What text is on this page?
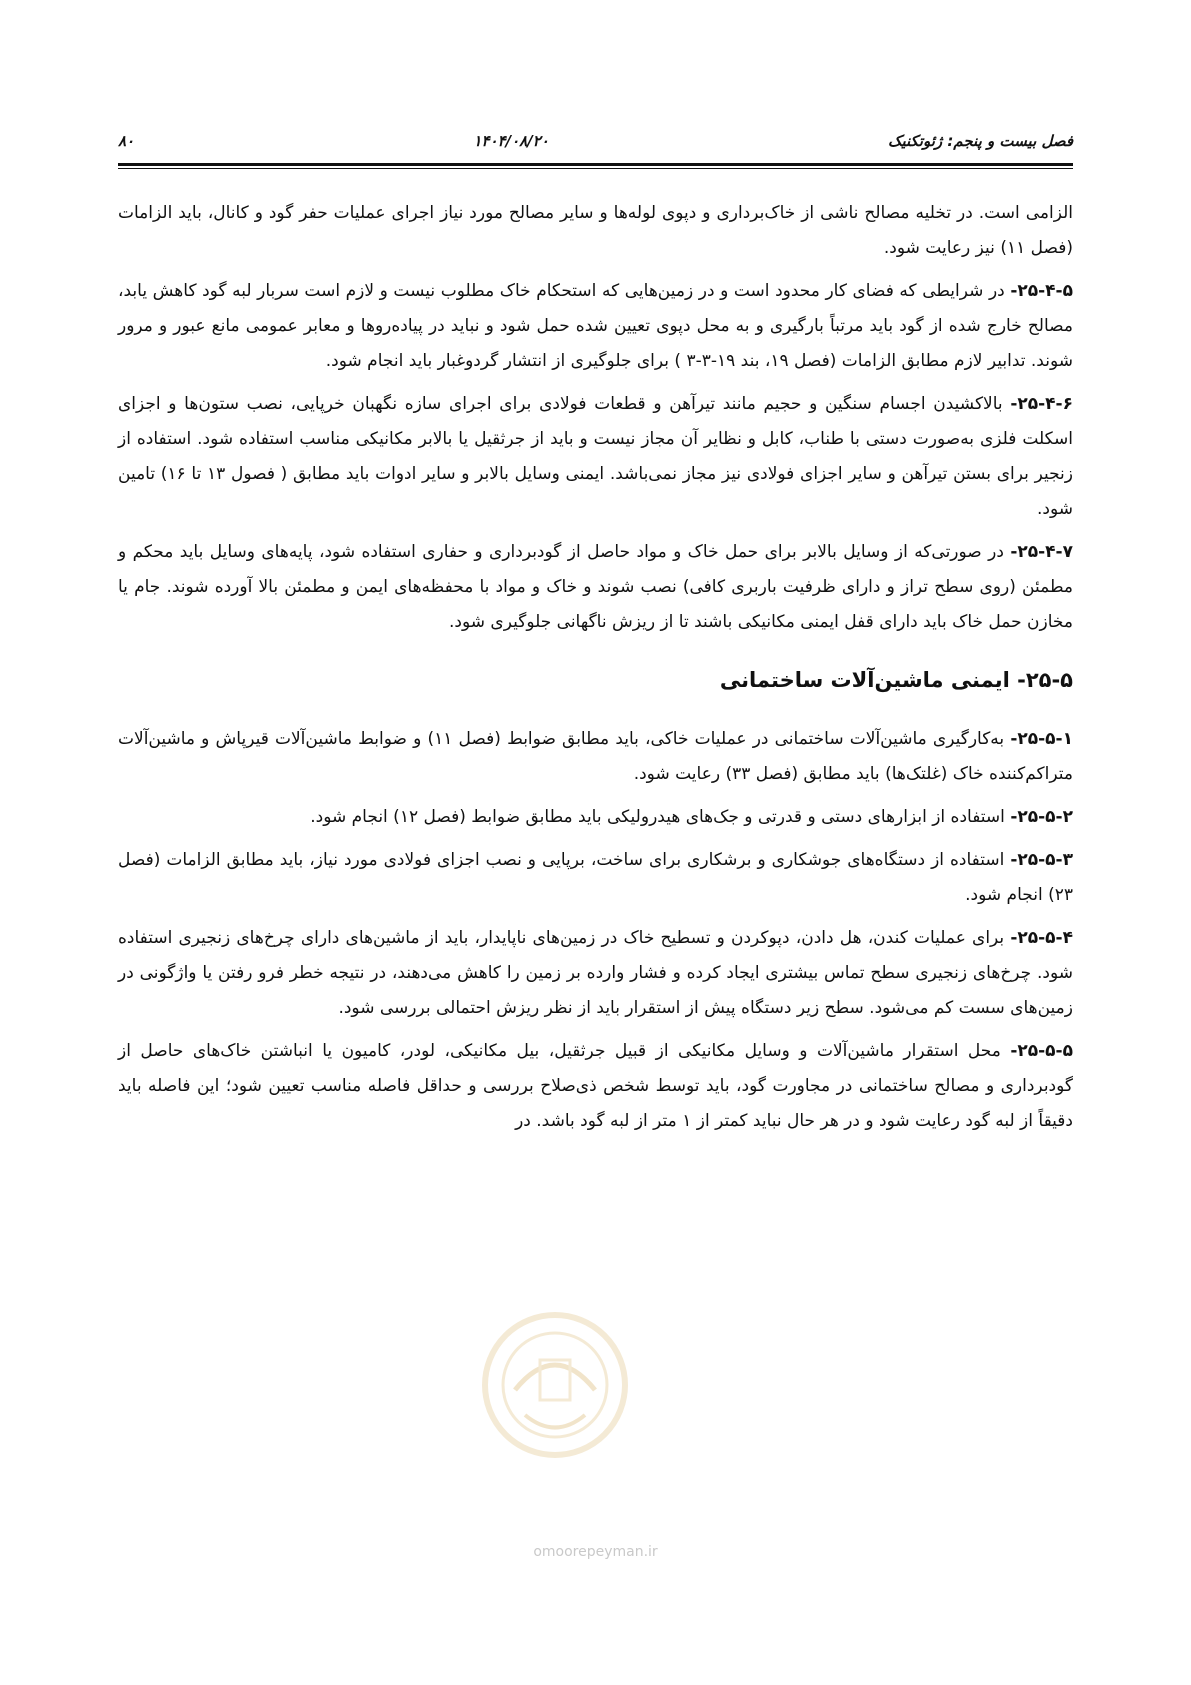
۸۰	۱۴۰۴/۰۸/۲۰	فصل بیست و پنجم: ژئوتکنیک

الزامی است. در تخلیه مصالح ناشی از خاک‌برداری و دپوی لوله‌ها و سایر مصالح مورد نیاز اجرای عملیات حفر گود و کانال، باید الزامات (فصل ۱۱) نیز رعایت شود.

۲۵-۴-۵- در شرایطی که فضای کار محدود است و در زمین‌هایی که استحکام خاک مطلوب نیست و لازم است سربار لبه گود کاهش یابد، مصالح خارج شده از گود باید مرتباً بارگیری و به محل دپوی تعیین شده حمل شود و نباید در پیاده‌روها و معابر عمومی مانع عبور و مرور شوند. تدابیر لازم مطابق الزامات (فصل ۱۹، بند ۱۹-۳-۳ ) برای جلوگیری از انتشار گردوغبار باید انجام شود.

۲۵-۴-۶- بالاکشیدن اجسام سنگین و حجیم مانند تیرآهن و قطعات فولادی برای اجرای سازه نگهبان خرپایی، نصب ستون‌ها و اجزای اسکلت فلزی به‌صورت دستی با طناب، کابل و نظایر آن مجاز نیست و باید از جرثقیل یا بالابر مکانیکی مناسب استفاده شود. استفاده از زنجیر برای بستن تیرآهن و سایر اجزای فولادی نیز مجاز نمی‌باشد. ایمنی وسایل بالابر و سایر ادوات باید مطابق ( فصول ۱۳ تا ۱۶) تامین شود.

۲۵-۴-۷- در صورتی‌که از وسایل بالابر برای حمل خاک و مواد حاصل از گودبرداری و حفاری استفاده شود، پایه‌های وسایل باید محکم و مطمئن (روی سطح تراز و دارای ظرفیت باربری کافی) نصب شوند و خاک و مواد با محفظه‌های ایمن و مطمئن بالا آورده شوند. جام یا مخازن حمل خاک باید دارای قفل ایمنی مکانیکی باشند تا از ریزش ناگهانی جلوگیری شود.

۲۵-۵- ایمنی ماشین‌آلات ساختمانی

۲۵-۵-۱- به‌کارگیری ماشین‌آلات ساختمانی در عملیات خاکی، باید مطابق ضوابط (فصل ۱۱) و ضوابط ماشین‌آلات قیرپاش و ماشین‌آلات متراکم‌کننده خاک (غلتک‌ها) باید مطابق (فصل ۳۳) رعایت شود.

۲۵-۵-۲- استفاده از ابزارهای دستی و قدرتی و جک‌های هیدرولیکی باید مطابق ضوابط (فصل ۱۲) انجام شود.

۲۵-۵-۳- استفاده از دستگاه‌های جوشکاری و برشکاری برای ساخت، برپایی و نصب اجزای فولادی مورد نیاز، باید مطابق الزامات (فصل ۲۳) انجام شود.

۲۵-۵-۴- برای عملیات کندن، هل دادن، دپوکردن و تسطیح خاک در زمین‌های ناپایدار، باید از ماشین‌های دارای چرخ‌های زنجیری استفاده شود. چرخ‌های زنجیری سطح تماس بیشتری ایجاد کرده و فشار وارده بر زمین را کاهش می‌دهند، در نتیجه خطر فرو رفتن یا واژگونی در زمین‌های سست کم می‌شود. سطح زیر دستگاه پیش از استقرار باید از نظر ریزش احتمالی بررسی شود.

۲۵-۵-۵- محل استقرار ماشین‌آلات و وسایل مکانیکی از قبیل جرثقیل، بیل مکانیکی، لودر، کامیون یا انباشتن خاک‌های حاصل از گودبرداری و مصالح ساختمانی در مجاورت گود، باید توسط شخص ذی‌صلاح بررسی و حداقل فاصله مناسب تعیین شود؛ این فاصله باید دقیقاً از لبه گود رعایت شود و در هر حال نباید کمتر از ۱ متر از لبه گود باشد. در

omoorepeyman.ir
